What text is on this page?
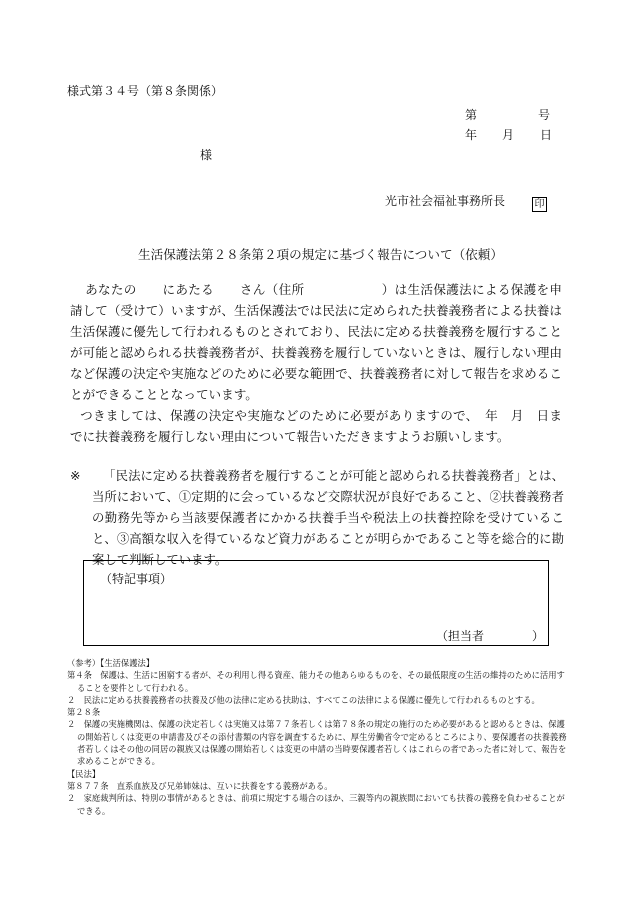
様式第３４号（第８条関係）
第	号
年 月 日
様
光市社会福祉事務所長	印
生活保護法第２８条第２項の規定に基づく報告について（依頼）

あなたの　　にあたる　　さん（住所　　　　　　）は生活保護法による保護を申請して（受けて）いますが、生活保護法では民法に定められた扶養義務者による扶養は生活保護に優先して行われるものとされており、民法に定める扶養義務を履行することが可能と認められる扶養義務者が、扶養義務を履行していないときは、履行しない理由など保護の決定や実施などのために必要な範囲で、扶養義務者に対して報告を求めることができることとなっています。

つきましては、保護の決定や実施などのために必要がありますので、　年　月　日までに扶養義務を履行しない理由について報告いただきますようお願いします。

※	「民法に定める扶養義務者を履行することが可能と認められる扶養義務者」とは、当所において、①定期的に会っているなど交際状況が良好であること、②扶養義務者の勤務先等から当該要保護者にかかる扶養手当や税法上の扶養控除を受けていること、③高額な収入を得ているなど資力があることが明らかであること等を総合的に勘案して判断しています。
（特記事項）
（担当者　　　　）
（参考）【生活保護法】
第４条　保護は、生活に困窮する者が、その利用し得る資産、能力その他あらゆるものを、その最低限度の生活の維持のために活用することを要件として行われる。
２　民法に定める扶養義務者の扶養及び他の法律に定める扶助は、すべてこの法律による保護に優先して行われるものとする。
第２８条
２　保護の実施機関は、保護の決定若しくは実施又は第７７条若しくは第７８条の規定の施行のため必要があると認めるときは、保護の開始若しくは変更の申請書及びその添付書類の内容を調査するために、厚生労働省令で定めるところにより、要保護者の扶養義務者若しくはその他の同居の親族又は保護の開始若しくは変更の申請の当時要保護者若しくはこれらの者であった者に対して、報告を求めることができる。
【民法】
第８７７条　直系血族及び兄弟姉妹は、互いに扶養をする義務がある。
２　家庭裁判所は、特別の事情があるときは、前項に規定する場合のほか、三親等内の親族間においても扶養の義務を負わせることができる。
